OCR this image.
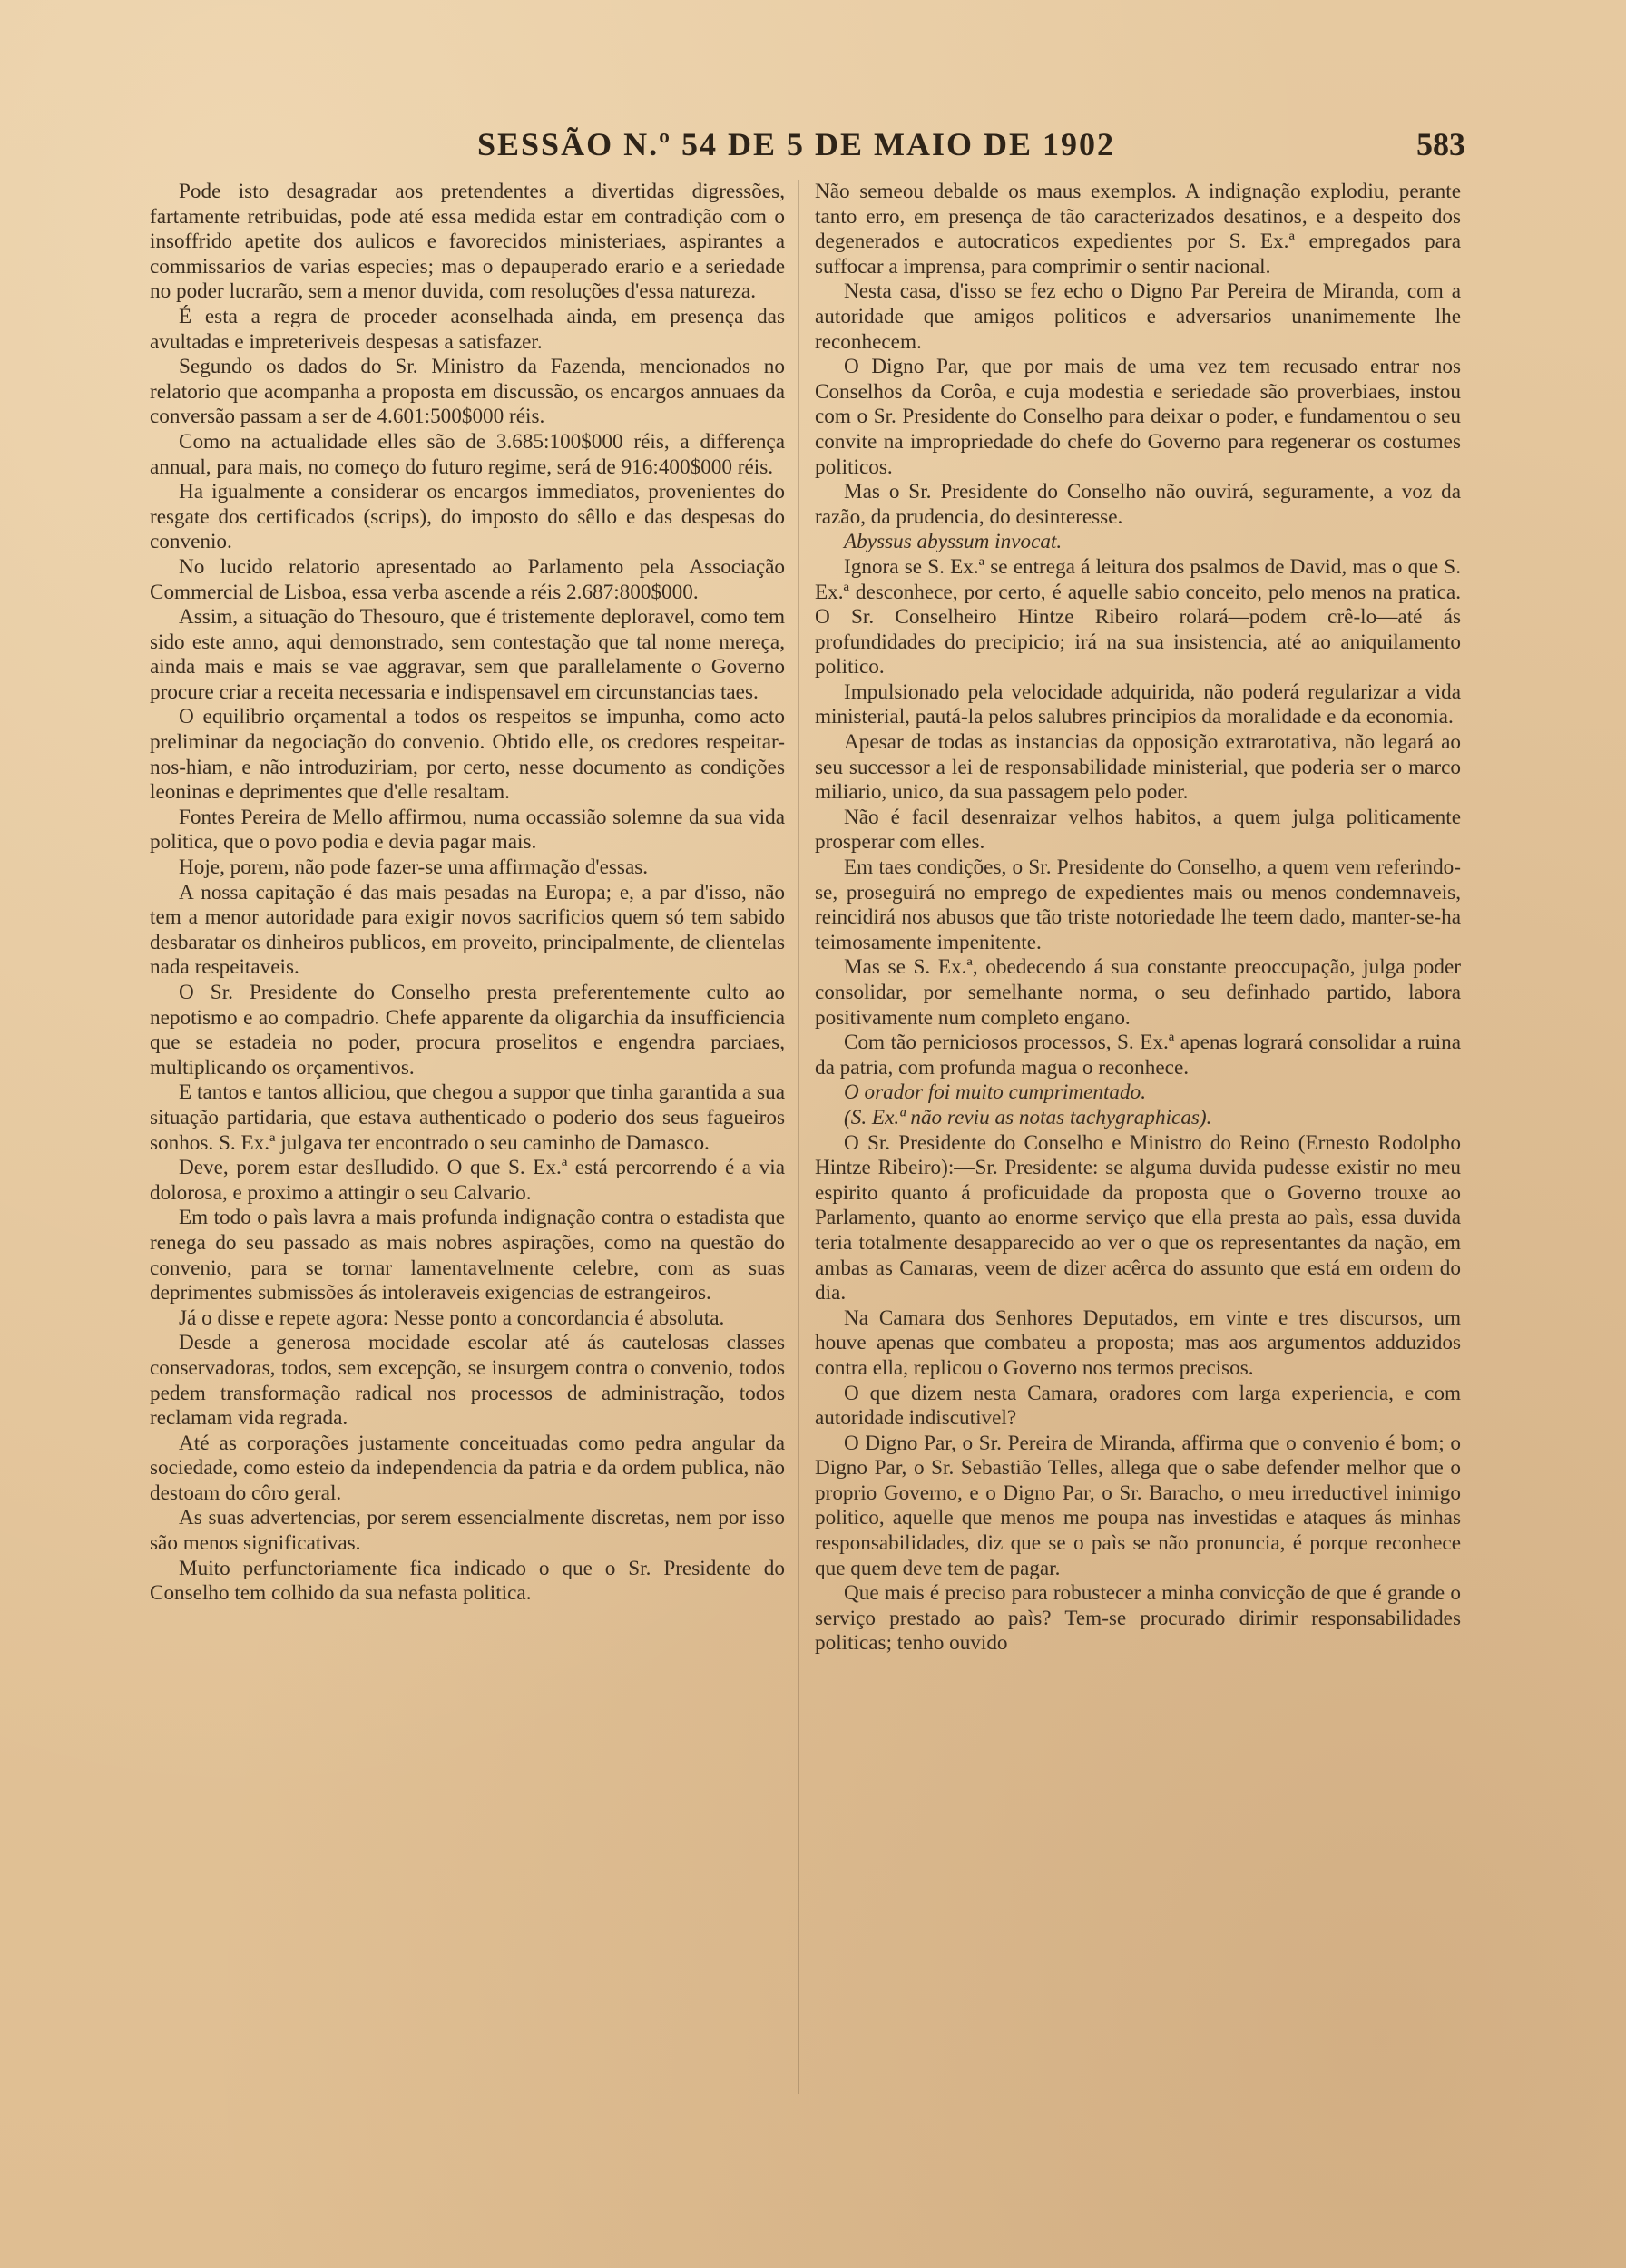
SESSÃO N.º 54 DE 5 DE MAIO DE 1902	583

Pode isto desagradar aos pretendentes a divertidas digressões, fartamente retribuidas, pode até essa medida estar em contradição com o insoffrido apetite dos aulicos e favorecidos ministeriaes, aspirantes a commissarios de varias especies; mas o depauperado erario e a seriedade no poder lucrarão, sem a menor duvida, com resoluções d'essa natureza.

É esta a regra de proceder aconselhada ainda, em presença das avultadas e impreteriveis despesas a satisfazer.

Segundo os dados do Sr. Ministro da Fazenda, mencionados no relatorio que acompanha a proposta em discussão, os encargos annuaes da conversão passam a ser de 4.601:500$000 réis.

Como na actualidade elles são de 3.685:100$000 réis, a differença annual, para mais, no começo do futuro regime, será de 916:400$000 réis.

Ha igualmente a considerar os encargos immediatos, provenientes do resgate dos certificados (scrips), do imposto do sêllo e das despesas do convenio.

No lucido relatorio apresentado ao Parlamento pela Associação Commercial de Lisboa, essa verba ascende a réis 2.687:800$000.

Assim, a situação do Thesouro, que é tristemente deploravel, como tem sido este anno, aqui demonstrado, sem contestação que tal nome mereça, ainda mais e mais se vae aggravar, sem que parallelamente o Governo procure criar a receita necessaria e indispensavel em circunstancias taes.

O equilibrio orçamental a todos os respeitos se impunha, como acto preliminar da negociação do convenio. Obtido elle, os credores respeitar-nos-hiam, e não introduziriam, por certo, nesse documento as condições leoninas e deprimentes que d'elle resaltam.

Fontes Pereira de Mello affirmou, numa occassião solemne da sua vida politica, que o povo podia e devia pagar mais.

Hoje, porem, não pode fazer-se uma affirmação d'essas.

A nossa capitação é das mais pesadas na Europa; e, a par d'isso, não tem a menor autoridade para exigir novos sacrificios quem só tem sabido desbaratar os dinheiros publicos, em proveito, principalmente, de clientelas nada respeitaveis.

O Sr. Presidente do Conselho presta preferentemente culto ao nepotismo e ao compadrio. Chefe apparente da oligarchia da insufficiencia que se estadeia no poder, procura proselitos e engendra parciaes, multiplicando os orçamentivos.

E tantos e tantos alliciou, que chegou a suppor que tinha garantida a sua situação partidaria, que estava authenticado o poderio dos seus fagueiros sonhos. S. Ex.ª julgava ter encontrado o seu caminho de Damasco.

Deve, porem estar desIludido. O que S. Ex.ª está percorrendo é a via dolorosa, e proximo a attingir o seu Calvario.

Em todo o paìs lavra a mais profunda indignação contra o estadista que renega do seu passado as mais nobres aspirações, como na questão do convenio, para se tornar lamentavelmente celebre, com as suas deprimentes submissões ás intoleraveis exigencias de estrangeiros.

Já o disse e repete agora: Nesse ponto a concordancia é absoluta.

Desde a generosa mocidade escolar até ás cautelosas classes conservadoras, todos, sem excepção, se insurgem contra o convenio, todos pedem transformação radical nos processos de administração, todos reclamam vida regrada.

Até as corporações justamente conceituadas como pedra angular da sociedade, como esteio da independencia da patria e da ordem publica, não destoam do côro geral.

As suas advertencias, por serem essencialmente discretas, nem por isso são menos significativas.

Muito perfunctoriamente fica indicado o que o Sr. Presidente do Conselho tem colhido da sua nefasta politica.

Não semeou debalde os maus exemplos. A indignação explodiu, perante tanto erro, em presença de tão caracterizados desatinos, e a despeito dos degenerados e autocraticos expedientes por S. Ex.ª empregados para suffocar a imprensa, para comprimir o sentir nacional.

Nesta casa, d'isso se fez echo o Digno Par Pereira de Miranda, com a autoridade que amigos politicos e adversarios unanimemente lhe reconhecem.

O Digno Par, que por mais de uma vez tem recusado entrar nos Conselhos da Corôa, e cuja modestia e seriedade são proverbiaes, instou com o Sr. Presidente do Conselho para deixar o poder, e fundamentou o seu convite na impropriedade do chefe do Governo para regenerar os costumes politicos.

Mas o Sr. Presidente do Conselho não ouvirá, seguramente, a voz da razão, da prudencia, do desinteresse.

Abyssus abyssum invocat.

Ignora se S. Ex.ª se entrega á leitura dos psalmos de David, mas o que S. Ex.ª desconhece, por certo, é aquelle sabio conceito, pelo menos na pratica. O Sr. Conselheiro Hintze Ribeiro rolará—podem crê-lo—até ás profundidades do precipicio; irá na sua insistencia, até ao aniquilamento politico.

Impulsionado pela velocidade adquirida, não poderá regularizar a vida ministerial, pautá-la pelos salubres principios da moralidade e da economia.

Apesar de todas as instancias da opposição extrarotativa, não legará ao seu successor a lei de responsabilidade ministerial, que poderia ser o marco miliario, unico, da sua passagem pelo poder.

Não é facil desenraizar velhos habitos, a quem julga politicamente prosperar com elles.

Em taes condições, o Sr. Presidente do Conselho, a quem vem referindo-se, proseguirá no emprego de expedientes mais ou menos condemnaveis, reincidirá nos abusos que tão triste notoriedade lhe teem dado, manter-se-ha teimosamente impenitente.

Mas se S. Ex.ª, obedecendo á sua constante preoccupação, julga poder consolidar, por semelhante norma, o seu definhado partido, labora positivamente num completo engano.

Com tão perniciosos processos, S. Ex.ª apenas logrará consolidar a ruina da patria, com profunda magua o reconhece.

O orador foi muito cumprimentado.

(S. Ex.ª não reviu as notas tachygraphicas).

O Sr. Presidente do Conselho e Ministro do Reino (Ernesto Rodolpho Hintze Ribeiro):—Sr. Presidente: se alguma duvida pudesse existir no meu espirito quanto á proficuidade da proposta que o Governo trouxe ao Parlamento, quanto ao enorme serviço que ella presta ao paìs, essa duvida teria totalmente desapparecido ao ver o que os representantes da nação, em ambas as Camaras, veem de dizer acêrca do assunto que está em ordem do dia.

Na Camara dos Senhores Deputados, em vinte e tres discursos, um houve apenas que combateu a proposta; mas aos argumentos adduzidos contra ella, replicou o Governo nos termos precisos.

O que dizem nesta Camara, oradores com larga experiencia, e com autoridade indiscutivel?

O Digno Par, o Sr. Pereira de Miranda, affirma que o convenio é bom; o Digno Par, o Sr. Sebastião Telles, allega que o sabe defender melhor que o proprio Governo, e o Digno Par, o Sr. Baracho, o meu irreductivel inimigo politico, aquelle que menos me poupa nas investidas e ataques ás minhas responsabilidades, diz que se o paìs se não pronuncia, é porque reconhece que quem deve tem de pagar.

Que mais é preciso para robustecer a minha convicção de que é grande o serviço prestado ao paìs? Tem-se procurado dirimir responsabilidades politicas; tenho ouvido
